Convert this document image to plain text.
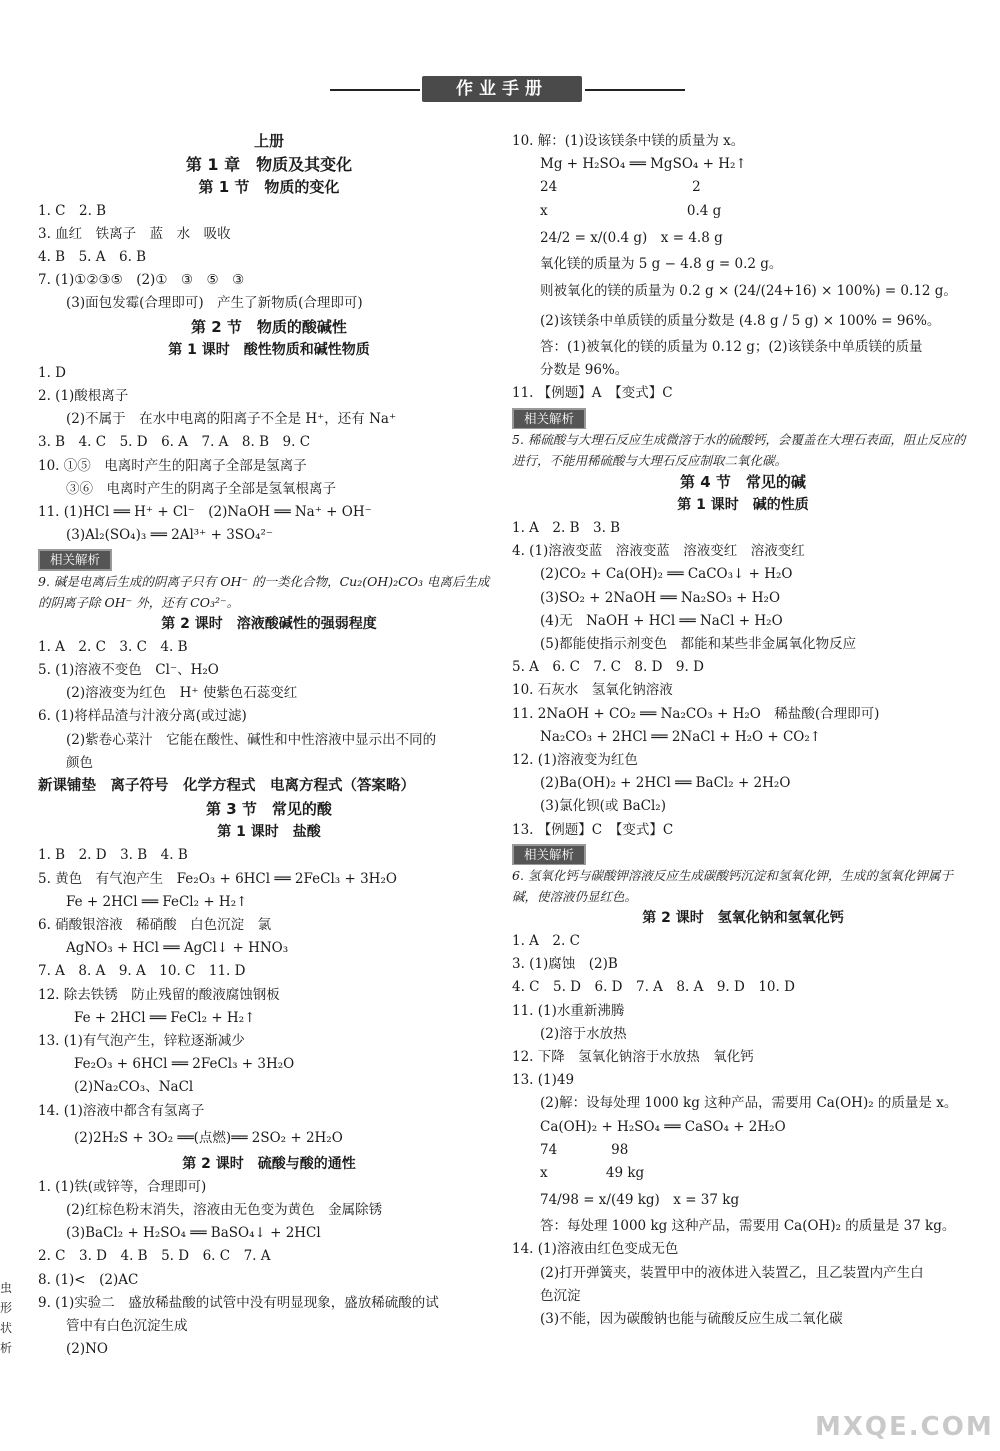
作业手册
上册
第 1 章　物质及其变化
第 1 节　物质的变化
1. C　2. B
3. 血红　铁离子　蓝　水　吸收
4. B　5. A　6. B
7. (1)①②③⑤　(2)①　③　⑤　③
(3)面包发霉(合理即可)　产生了新物质(合理即可)
第 2 节　物质的酸碱性
第 1 课时　酸性物质和碱性物质
1. D
2. (1)酸根离子
(2)不属于　在水中电离的阳离子不全是 H⁺，还有 Na⁺
3. B　4. C　5. D　6. A　7. A　8. B　9. C
10. ①⑤　电离时产生的阳离子全部是氢离子
③⑥　电离时产生的阴离子全部是氢氧根离子
11. (1)HCl ══ H⁺ + Cl⁻　(2)NaOH ══ Na⁺ + OH⁻
(3)Al₂(SO₄)₃ ══ 2Al³⁺ + 3SO₄²⁻
相关解析
9. 碱是电离后生成的阴离子只有 OH⁻ 的一类化合物，Cu₂(OH)₂CO₃ 电离后生成的阴离子除 OH⁻ 外，还有 CO₃²⁻。
第 2 课时　溶液酸碱性的强弱程度
1. A　2. C　3. C　4. B
5. (1)溶液不变色　Cl⁻、H₂O
(2)溶液变为红色　H⁺ 使紫色石蕊变红
6. (1)将样品渣与汁液分离(或过滤)
(2)紫卷心菜汁　它能在酸性、碱性和中性溶液中显示出不同的
颜色
新课铺垫　离子符号　化学方程式　电离方程式（答案略）
第 3 节　常见的酸
第 1 课时　盐酸
1. B　2. D　3. B　4. B
5. 黄色　有气泡产生　Fe₂O₃ + 6HCl ══ 2FeCl₃ + 3H₂O
Fe + 2HCl ══ FeCl₂ + H₂↑
6. 硝酸银溶液　稀硝酸　白色沉淀　氯
AgNO₃ + HCl ══ AgCl↓ + HNO₃
7. A　8. A　9. A　10. C　11. D
12. 除去铁锈　防止残留的酸液腐蚀钢板
Fe + 2HCl ══ FeCl₂ + H₂↑
13. (1)有气泡产生，锌粒逐渐减少
Fe₂O₃ + 6HCl ══ 2FeCl₃ + 3H₂O
(2)Na₂CO₃、NaCl
14. (1)溶液中都含有氢离子
(2)2H₂S + 3O₂ ══(点燃)══ 2SO₂ + 2H₂O
第 2 课时　硫酸与酸的通性
1. (1)铁(或锌等，合理即可)
(2)红棕色粉末消失，溶液由无色变为黄色　金属除锈
(3)BaCl₂ + H₂SO₄ ══ BaSO₄↓ + 2HCl
2. C　3. D　4. B　5. D　6. C　7. A
8. (1)<　(2)AC
9. (1)实验二　盛放稀盐酸的试管中没有明显现象，盛放稀硫酸的试
管中有白色沉淀生成
(2)NO
10. 解：(1)设该镁条中镁的质量为 x。
Mg + H₂SO₄ ══ MgSO₄ + H₂↑
24　　　　　　　　　　2
x　　　　　　　　　　 0.4 g
24/2 = x/(0.4 g)　x = 4.8 g
氧化镁的质量为 5 g − 4.8 g = 0.2 g。
则被氧化的镁的质量为 0.2 g × (24/(24+16) × 100%) = 0.12 g。
(2)该镁条中单质镁的质量分数是 (4.8 g / 5 g) × 100% = 96%。
答：(1)被氧化的镁的质量为 0.12 g；(2)该镁条中单质镁的质量
分数是 96%。
11. 【例题】A　【变式】C
相关解析
5. 稀硫酸与大理石反应生成微溶于水的硫酸钙，会覆盖在大理石表面，阻止反应的进行，不能用稀硫酸与大理石反应制取二氧化碳。
第 4 节　常见的碱
第 1 课时　碱的性质
1. A　2. B　3. B
4. (1)溶液变蓝　溶液变蓝　溶液变红　溶液变红
(2)CO₂ + Ca(OH)₂ ══ CaCO₃↓ + H₂O
(3)SO₂ + 2NaOH ══ Na₂SO₃ + H₂O
(4)无　NaOH + HCl ══ NaCl + H₂O
(5)都能使指示剂变色　都能和某些非金属氧化物反应
5. A　6. C　7. C　8. D　9. D
10. 石灰水　氢氧化钠溶液
11. 2NaOH + CO₂ ══ Na₂CO₃ + H₂O　稀盐酸(合理即可)
Na₂CO₃ + 2HCl ══ 2NaCl + H₂O + CO₂↑
12. (1)溶液变为红色
(2)Ba(OH)₂ + 2HCl ══ BaCl₂ + 2H₂O
(3)氯化钡(或 BaCl₂)
13. 【例题】C　【变式】C
相关解析
6. 氢氧化钙与碳酸钾溶液反应生成碳酸钙沉淀和氢氧化钾，生成的氢氧化钾属于碱，使溶液仍显红色。
第 2 课时　氢氧化钠和氢氧化钙
1. A　2. C
3. (1)腐蚀　(2)B
4. C　5. D　6. D　7. A　8. A　9. D　10. D
11. (1)水重新沸腾
(2)溶于水放热
12. 下降　氢氧化钠溶于水放热　氧化钙
13. (1)49
(2)解：设每处理 1000 kg 这种产品，需要用 Ca(OH)₂ 的质量是 x。
Ca(OH)₂ + H₂SO₄ ══ CaSO₄ + 2H₂O
74　　　　98
x　　　　 49 kg
74/98 = x/(49 kg)　x = 37 kg
答：每处理 1000 kg 这种产品，需要用 Ca(OH)₂ 的质量是 37 kg。
14. (1)溶液由红色变成无色
(2)打开弹簧夹，装置甲中的液体进入装置乙，且乙装置内产生白
色沉淀
(3)不能，因为碳酸钠也能与硫酸反应生成二氧化碳
虫形状析
MXQE.COM
